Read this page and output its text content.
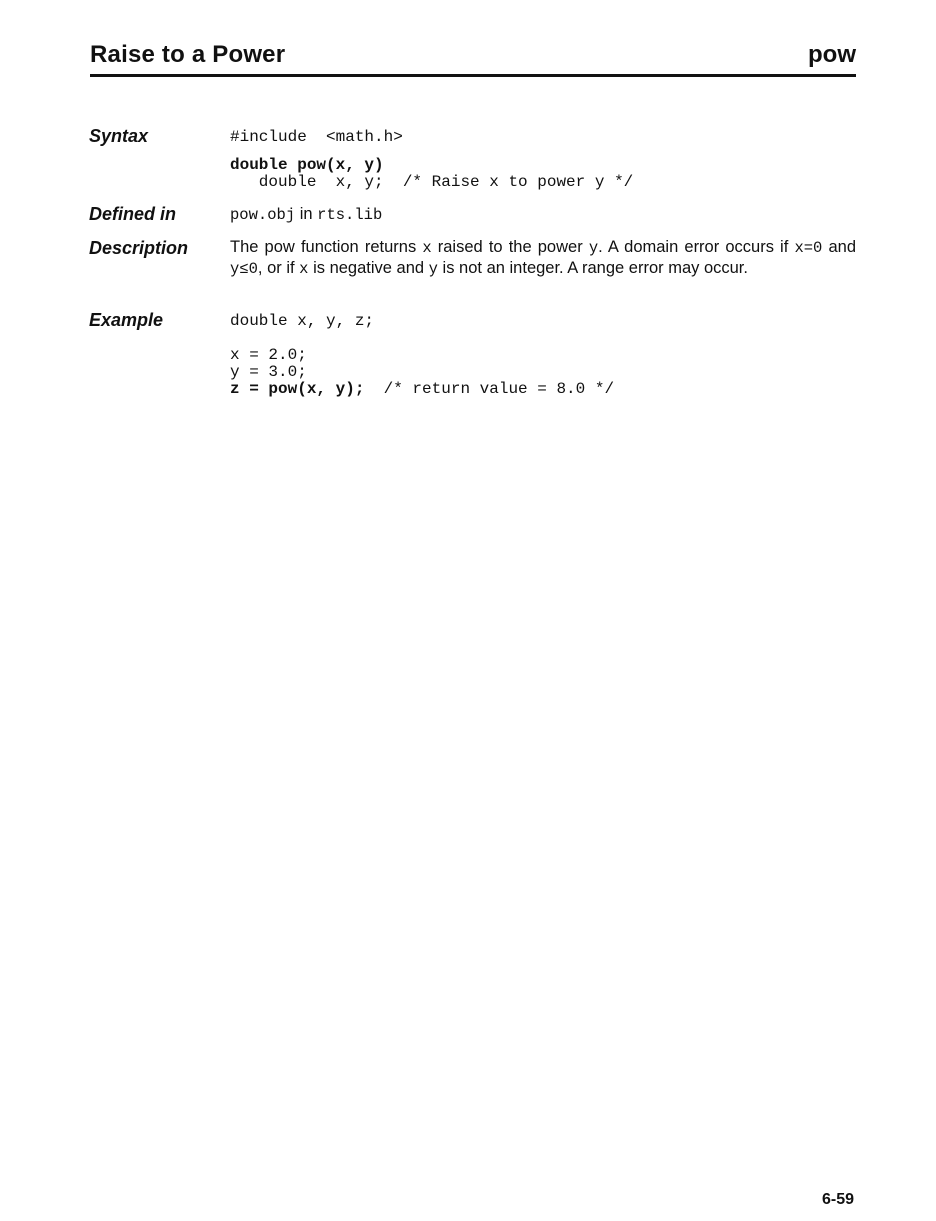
Raise to a Power	pow
Syntax	#include  <math.h>
double pow(x, y)
double  x, y;  /* Raise x to power y */
Defined in	pow.obj in rts.lib
Description	The pow function returns x raised to the power y. A domain error occurs if x=0 and y≤0, or if x is negative and y is not an integer. A range error may occur.
Example	double x, y, z;
x = 2.0;
y = 3.0;
z = pow(x, y);  /* return value = 8.0 */
6-59
